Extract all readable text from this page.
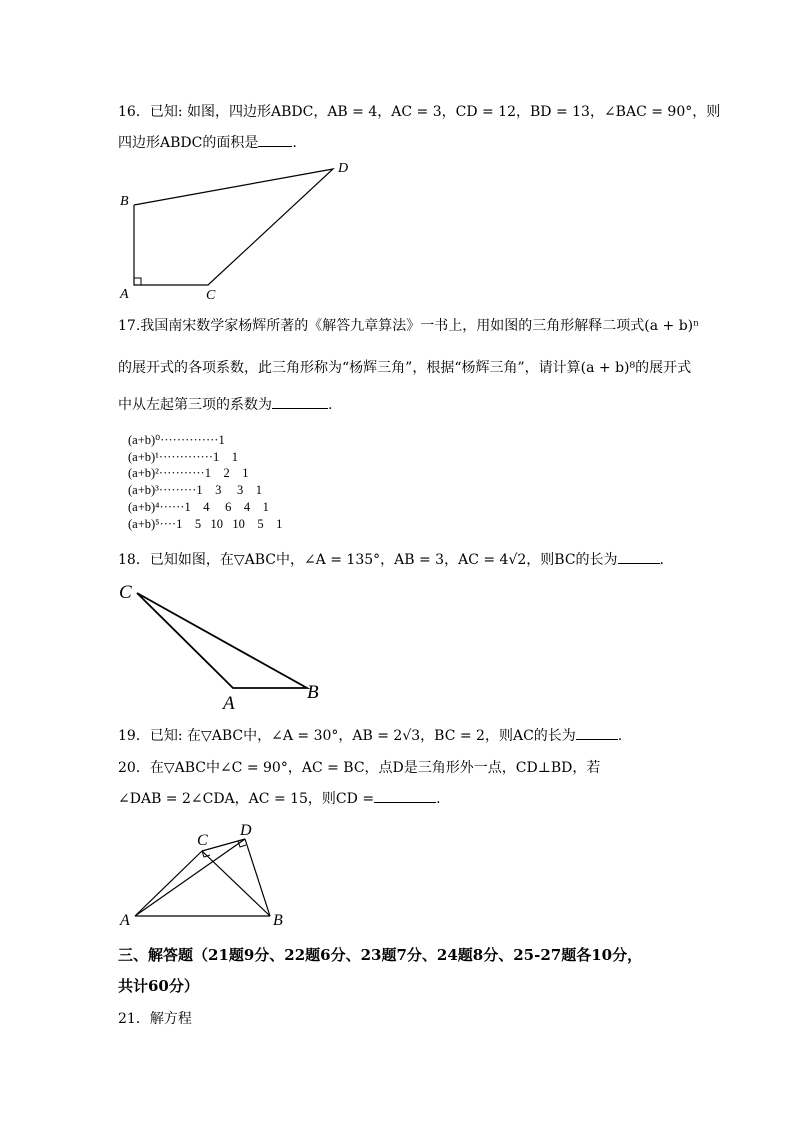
16．已知: 如图，四边形ABDC，AB = 4，AC = 3，CD = 12，BD = 13，∠BAC = 90°，则
四边形ABDC的面积是 .
B
D
A	C
17.我国南宋数学家杨辉所著的《解答九章算法》一书上，用如图的三角形解释二项式(a + b)ⁿ
的展开式的各项系数，此三角形称为“杨辉三角”，根据“杨辉三角”，请计算(a + b)⁸的展开式
中从左起第三项的系数为	.
(a+b)⁰··············1
(a+b)¹·············1    1
(a+b)²···········1    2    1
(a+b)³·········1    3     3    1
(a+b)⁴······1    4     6    4    1
(a+b)⁵····1    5   10   10    5    1
18．已知如图，在▽ABC中，∠A = 135°，AB = 3，AC = 4√2，则BC的长为	.
C
A
B
19．已知: 在▽ABC中，∠A = 30°，AB = 2√3，BC = 2，则AC的长为	.
20．在▽ABC中∠C = 90°，AC = BC，点D是三角形外一点，CD⊥BD，若
∠DAB = 2∠CDA，AC = 15，则CD =	.
C
D
A	B
三、解答题（21题9分、22题6分、23题7分、24题8分、25-27题各10分，
共计60分）
21．解方程
